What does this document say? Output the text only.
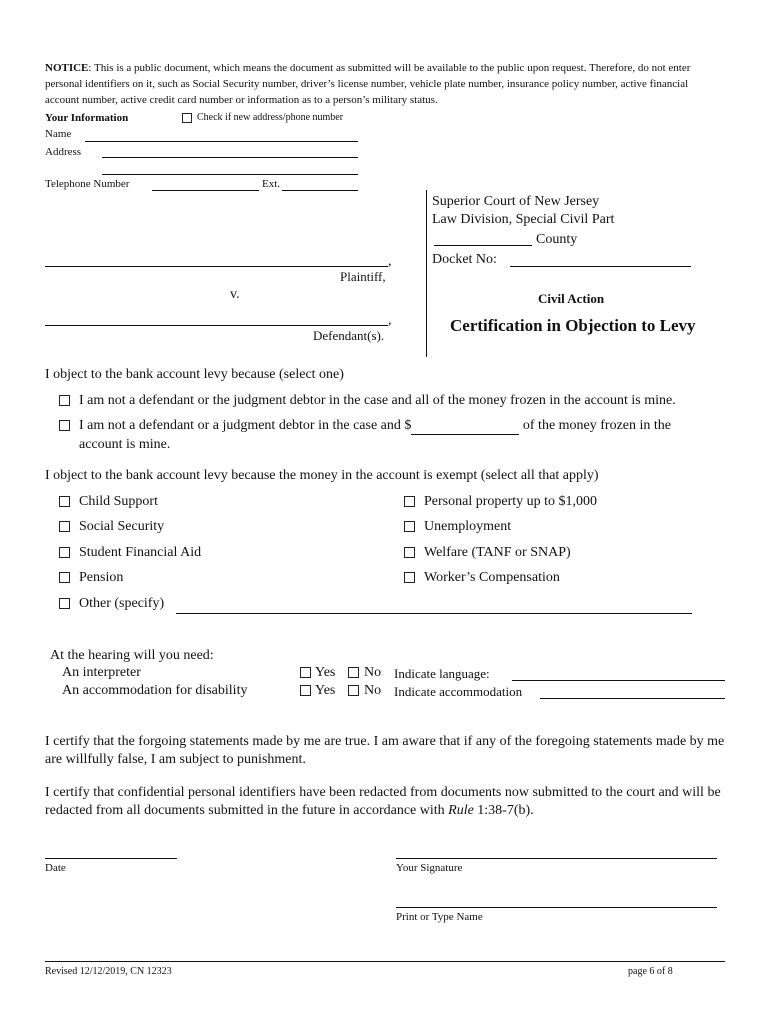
NOTICE: This is a public document, which means the document as submitted will be available to the public upon request. Therefore, do not enter personal identifiers on it, such as Social Security number, driver’s license number, vehicle plate number, insurance policy number, active financial account number, active credit card number or information as to a person’s military status.
Your Information	Check if new address/phone number
Name
Address
Telephone Number	Ext.
,
Plaintiff,
v.
,
Defendant(s).
Superior Court of New Jersey
Law Division, Special Civil Part
County
Docket No:
Civil Action
Certification in Objection to Levy
I object to the bank account levy because (select one)
I am not a defendant or the judgment debtor in the case and all of the money frozen in the account is mine.
I am not a defendant or a judgment debtor in the case and $	of the money frozen in the
account is mine.
I object to the bank account levy because the money in the account is exempt (select all that apply)
Child Support
Social Security
Student Financial Aid
Pension
Personal property up to $1,000
Unemployment
Welfare (TANF or SNAP)
Worker’s Compensation
Other (specify)
At the hearing will you need:
An interpreter
An accommodation for disability
Yes No Indicate language:
Yes No Indicate accommodation
I certify that the forgoing statements made by me are true. I am aware that if any of the foregoing statements made by me are willfully false, I am subject to punishment.
I certify that confidential personal identifiers have been redacted from documents now submitted to the court and will be redacted from all documents submitted in the future in accordance with Rule 1:38-7(b).
Date	Your Signature
Print or Type Name
Revised 12/12/2019, CN 12323	page 6 of 8
